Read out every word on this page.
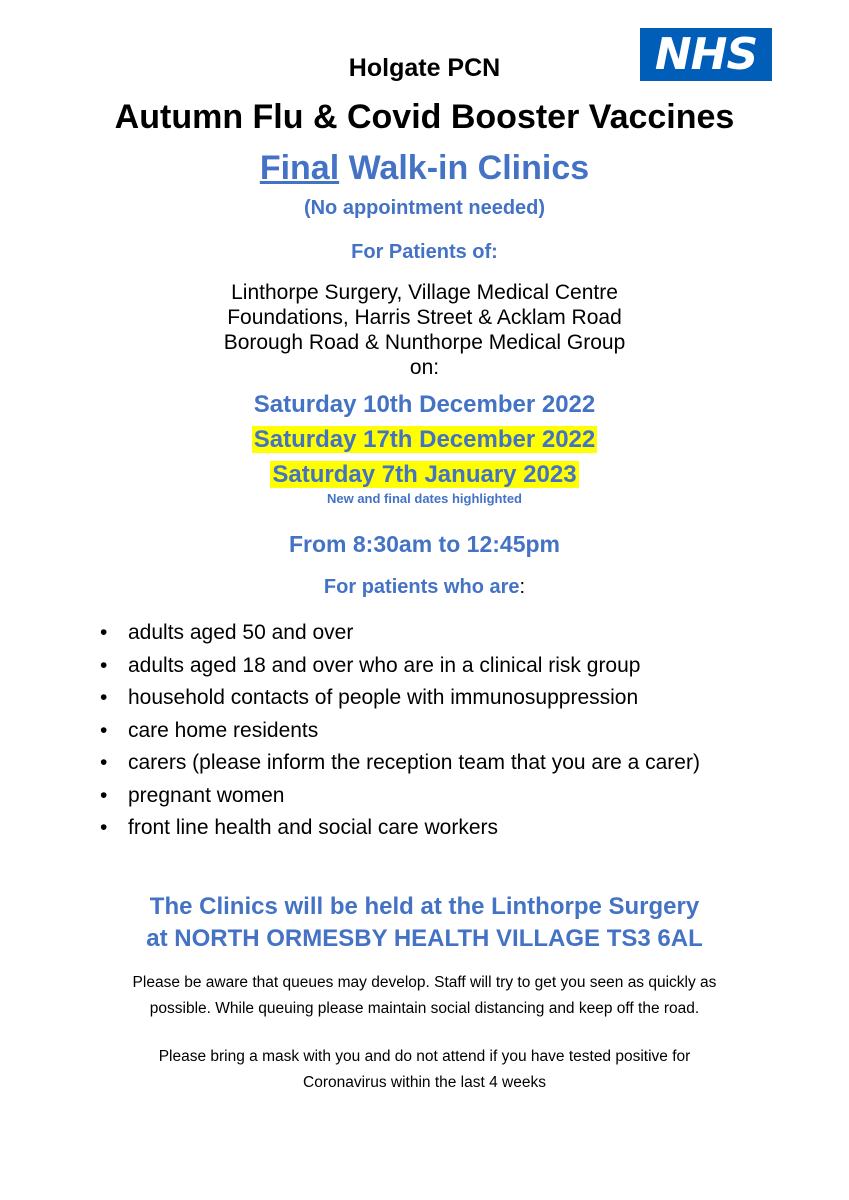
NHS
Holgate PCN
Autumn Flu & Covid Booster Vaccines
Final Walk-in Clinics
(No appointment needed)
For Patients of:
Linthorpe Surgery, Village Medical Centre
Foundations, Harris Street & Acklam Road
Borough Road & Nunthorpe Medical Group
on:
Saturday 10th December 2022
Saturday 17th December 2022
Saturday 7th January 2023
New and final dates highlighted
From 8:30am to 12:45pm
For patients who are:
• adults aged 50 and over
• adults aged 18 and over who are in a clinical risk group
• household contacts of people with immunosuppression
• care home residents
• carers (please inform the reception team that you are a carer)
• pregnant women
• front line health and social care workers
The Clinics will be held at the Linthorpe Surgery
at NORTH ORMESBY HEALTH VILLAGE TS3 6AL
Please be aware that queues may develop. Staff will try to get you seen as quickly as
possible. While queuing please maintain social distancing and keep off the road.
Please bring a mask with you and do not attend if you have tested positive for
Coronavirus within the last 4 weeks
